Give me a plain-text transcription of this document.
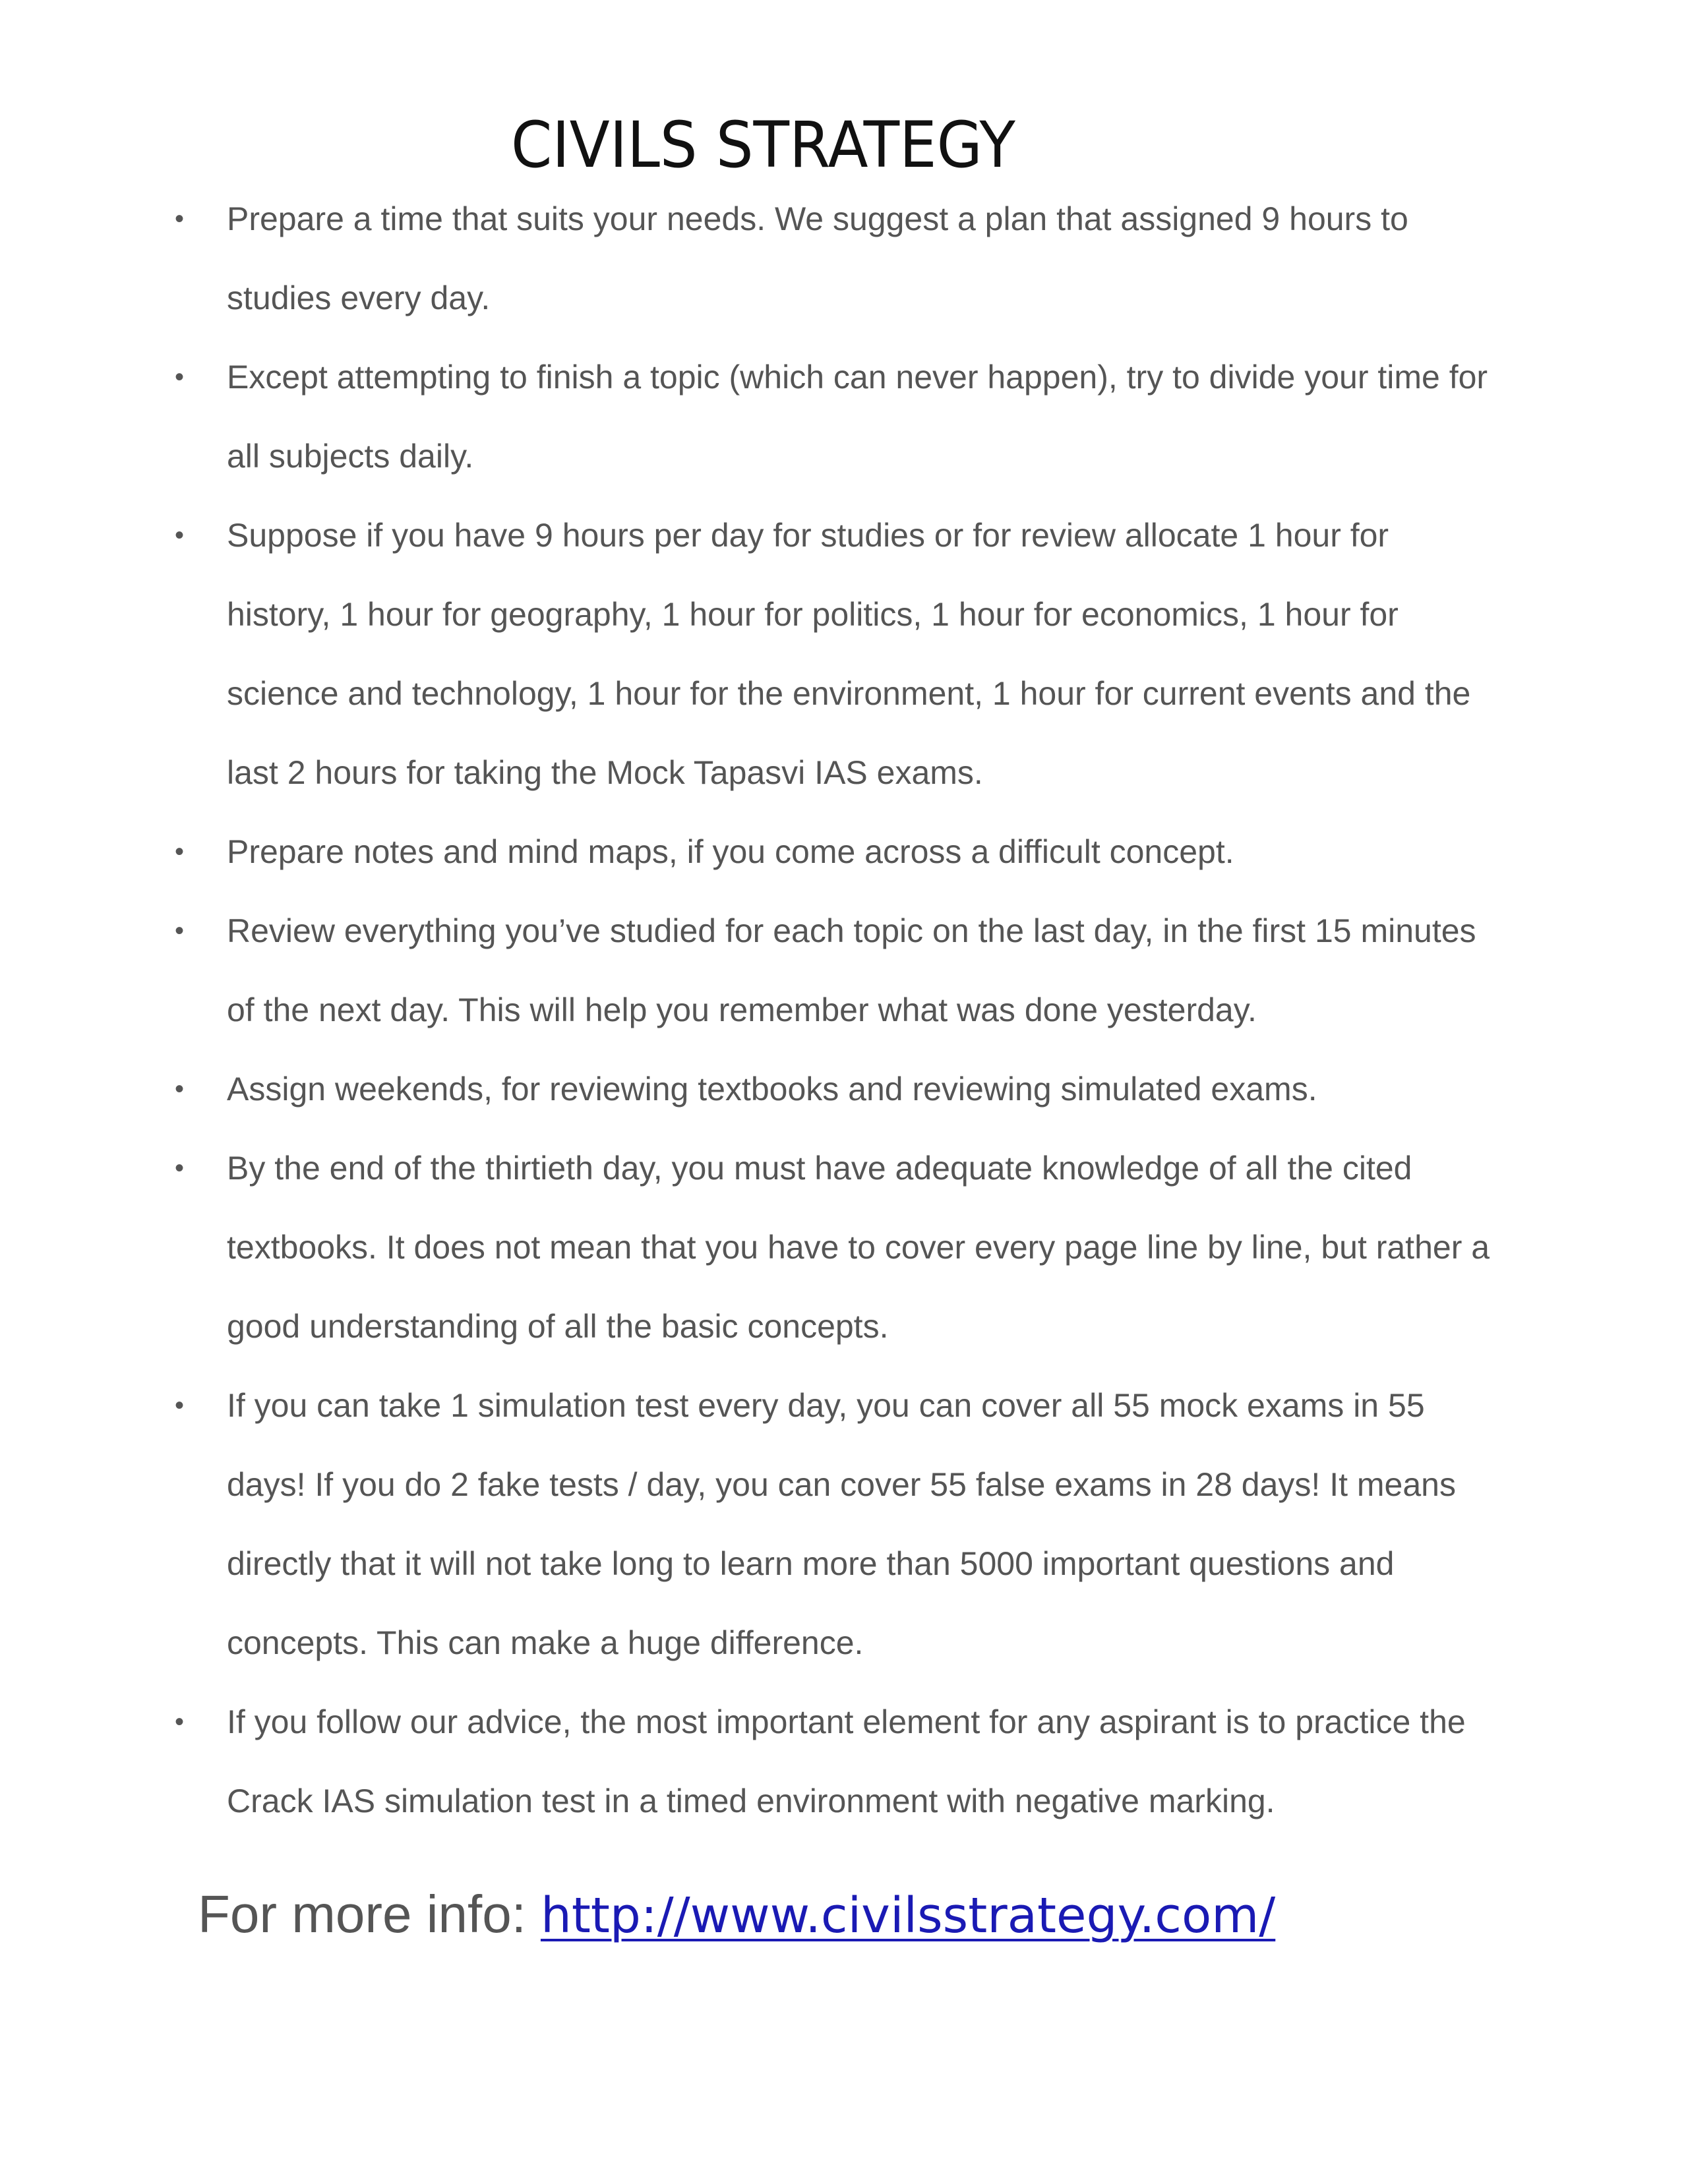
CIVILS STRATEGY
• Prepare a time that suits your needs. We suggest a plan that assigned 9 hours to studies every day.
• Except attempting to finish a topic (which can never happen), try to divide your time for all subjects daily.
• Suppose if you have 9 hours per day for studies or for review allocate 1 hour for history, 1 hour for geography, 1 hour for politics, 1 hour for economics, 1 hour for science and technology, 1 hour for the environment, 1 hour for current events and the last 2 hours for taking the Mock Tapasvi IAS exams.
• Prepare notes and mind maps, if you come across a difficult concept.
• Review everything you’ve studied for each topic on the last day, in the first 15 minutes of the next day. This will help you remember what was done yesterday.
• Assign weekends, for reviewing textbooks and reviewing simulated exams.
• By the end of the thirtieth day, you must have adequate knowledge of all the cited textbooks. It does not mean that you have to cover every page line by line, but rather a good understanding of all the basic concepts.
• If you can take 1 simulation test every day, you can cover all 55 mock exams in 55 days! If you do 2 fake tests / day, you can cover 55 false exams in 28 days! It means directly that it will not take long to learn more than 5000 important questions and concepts. This can make a huge difference.
• If you follow our advice, the most important element for any aspirant is to practice the Crack IAS simulation test in a timed environment with negative marking.
For more info: http://www.civilsstrategy.com/
